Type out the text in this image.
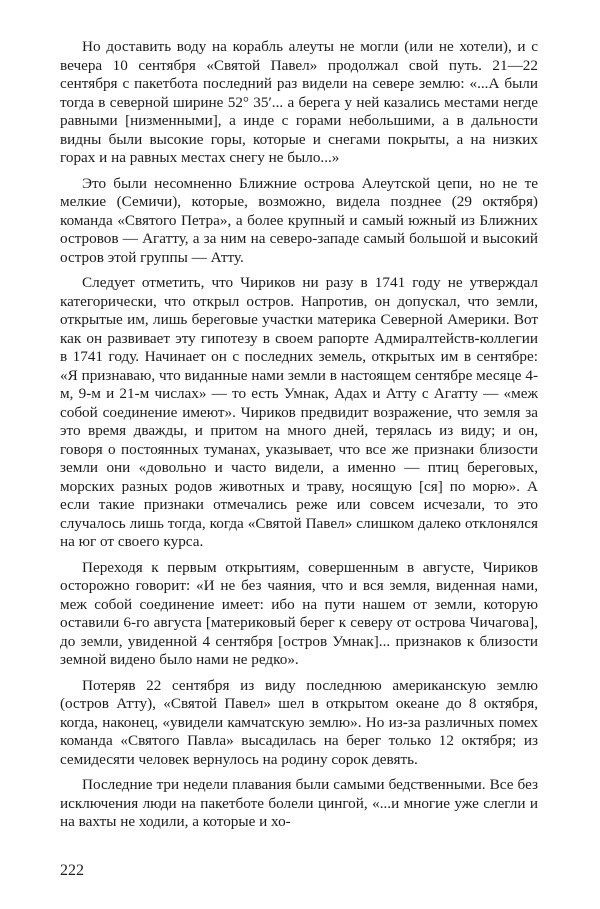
Но доставить воду на корабль алеуты не могли (или не хотели), и с вечера 10 сентября «Святой Павел» продолжал свой путь. 21—22 сентября с пакетбота последний раз видели на севере землю: «...А были тогда в северной ширине 52° 35′... а берега у ней казались местами негде равными [низменными], а инде с горами небольшими, а в дальности видны были высокие горы, которые и снегами покрыты, а на низких горах и на равных местах снегу не было...»

Это были несомненно Ближние острова Алеутской цепи, но не те мелкие (Семичи), которые, возможно, видела позднее (29 октября) команда «Святого Петра», а более крупный и самый южный из Ближних островов — Агатту, а за ним на северо-западе самый большой и высокий остров этой группы — Атту.

Следует отметить, что Чириков ни разу в 1741 году не утверждал категорически, что открыл остров. Напротив, он допускал, что земли, открытые им, лишь береговые участки материка Северной Америки. Вот как он развивает эту гипотезу в своем рапорте Адмиралтейств-коллегии в 1741 году. Начинает он с последних земель, открытых им в сентябре: «Я признаваю, что виданные нами земли в настоящем сентябре месяце 4-м, 9-м и 21-м числах» — то есть Умнак, Адах и Атту с Агатту — «меж собой соединение имеют». Чириков предвидит возражение, что земля за это время дважды, и притом на много дней, терялась из виду; и он, говоря о постоянных туманах, указывает, что все же признаки близости земли они «довольно и часто видели, а именно — птиц береговых, морских разных родов животных и траву, носящую [ся] по морю». А если такие признаки отмечались реже или совсем исчезали, то это случалось лишь тогда, когда «Святой Павел» слишком далеко отклонялся на юг от своего курса.

Переходя к первым открытиям, совершенным в августе, Чириков осторожно говорит: «И не без чаяния, что и вся земля, виденная нами, меж собой соединение имеет: ибо на пути нашем от земли, которую оставили 6-го августа [материковый берег к северу от острова Чичагова], до земли, увиденной 4 сентября [остров Умнак]... признаков к близости земной видено было нами не редко».

Потеряв 22 сентября из виду последнюю американскую землю (остров Атту), «Святой Павел» шел в открытом океане до 8 октября, когда, наконец, «увидели камчатскую землю». Но из-за различных помех команда «Святого Павла» высадилась на берег только 12 октября; из семидесяти человек вернулось на родину сорок девять.

Последние три недели плавания были самыми бедственными. Все без исключения люди на пакетботе болели цингой, «...и многие уже слегли и на вахты не ходили, а которые и хо-

222
